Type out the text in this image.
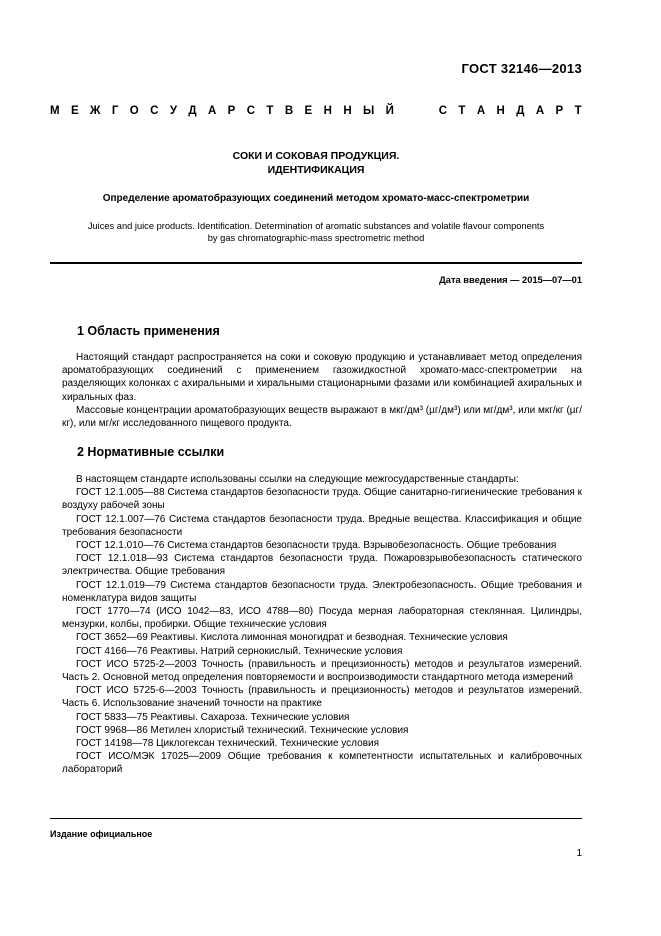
ГОСТ 32146—2013
М Е Ж Г О С У Д А Р С Т В Е Н Н Ы Й	С Т А Н Д А Р Т
СОКИ И СОКОВАЯ ПРОДУКЦИЯ.
ИДЕНТИФИКАЦИЯ
Определение ароматобразующих соединений методом хромато-масс-спектрометрии
Juices and juice products. Identification. Determination of aromatic substances and volatile flavour components
by gas chromatographic-mass spectrometric method
Дата введения — 2015—07—01
1 Область применения

Настоящий стандарт распространяется на соки и соковую продукцию и устанавливает метод определения ароматобразующих соединений с применением газожидкостной хромато-масс-спектрометрии на разделяющих колонках с ахиральными и хиральными стационарными фазами или комбинацией ахиральных и хиральных фаз.

Массовые концентрации ароматобразующих веществ выражают в мкг/дм³ (µг/дм³) или мг/дм³, или мкг/кг (µг/кг), или мг/кг исследованного пищевого продукта.

2 Нормативные ссылки

В настоящем стандарте использованы ссылки на следующие межгосударственные стандарты:

ГОСТ 12.1.005—88 Система стандартов безопасности труда. Общие санитарно-гигиенические требования к воздуху рабочей зоны

ГОСТ 12.1.007—76 Система стандартов безопасности труда. Вредные вещества. Классификация и общие требования безопасности

ГОСТ 12.1.010—76 Система стандартов безопасности труда. Взрывобезопасность. Общие требования

ГОСТ 12.1.018—93 Система стандартов безопасности труда. Пожаровзрывобезопасность статического электричества. Общие требования

ГОСТ 12.1.019—79 Система стандартов безопасности труда. Электробезопасность. Общие требования и номенклатура видов защиты

ГОСТ 1770—74 (ИСО 1042—83, ИСО 4788—80) Посуда мерная лабораторная стеклянная. Цилиндры, мензурки, колбы, пробирки. Общие технические условия

ГОСТ 3652—69 Реактивы. Кислота лимонная моногидрат и безводная. Технические условия

ГОСТ 4166—76 Реактивы. Натрий сернокислый. Технические условия

ГОСТ ИСО 5725-2—2003 Точность (правильность и прецизионность) методов и результатов измерений. Часть 2. Основной метод определения повторяемости и воспроизводимости стандартного метода измерений

ГОСТ ИСО 5725-6—2003 Точность (правильность и прецизионность) методов и результатов измерений. Часть 6. Использование значений точности на практике

ГОСТ 5833—75 Реактивы. Сахароза. Технические условия

ГОСТ 9968—86 Метилен хлористый технический. Технические условия

ГОСТ 14198—78 Циклогексан технический. Технические условия

ГОСТ ИСО/МЭК 17025—2009 Общие требования к компетентности испытательных и калибровочных лабораторий

Издание официальное
1
